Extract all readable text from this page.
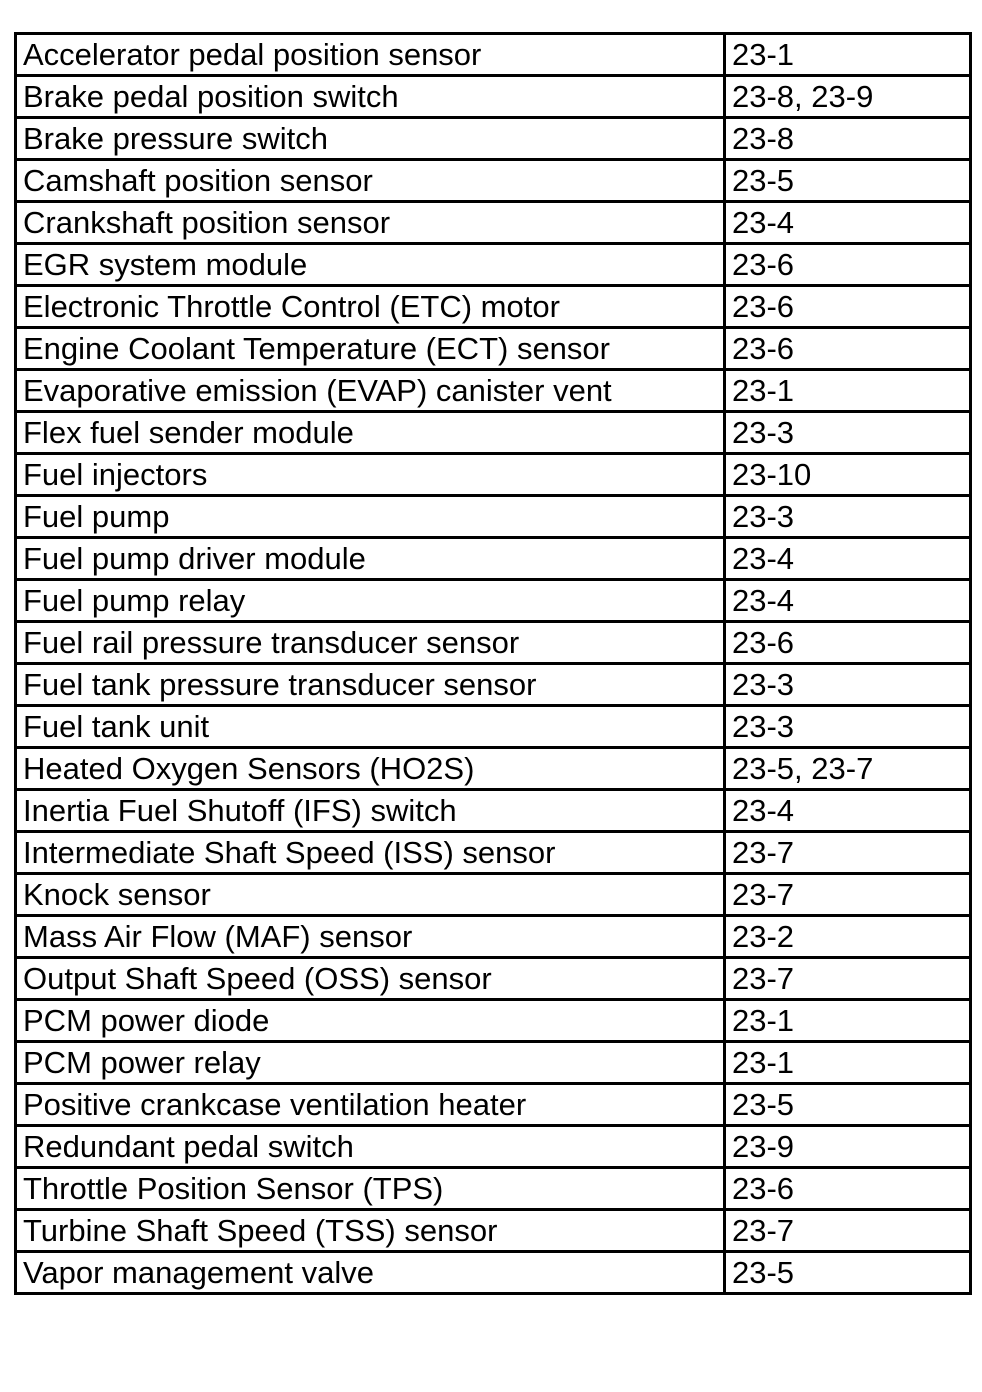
Accelerator pedal position sensor	23-1
Brake pedal position switch	23-8, 23-9
Brake pressure switch	23-8
Camshaft position sensor	23-5
Crankshaft position sensor	23-4
EGR system module	23-6
Electronic Throttle Control (ETC) motor	23-6
Engine Coolant Temperature (ECT) sensor	23-6
Evaporative emission (EVAP) canister vent	23-1
Flex fuel sender module	23-3
Fuel injectors	23-10
Fuel pump	23-3
Fuel pump driver module	23-4
Fuel pump relay	23-4
Fuel rail pressure transducer sensor	23-6
Fuel tank pressure transducer sensor	23-3
Fuel tank unit	23-3
Heated Oxygen Sensors (HO2S)	23-5, 23-7
Inertia Fuel Shutoff (IFS) switch	23-4
Intermediate Shaft Speed (ISS) sensor	23-7
Knock sensor	23-7
Mass Air Flow (MAF) sensor	23-2
Output Shaft Speed (OSS) sensor	23-7
PCM power diode	23-1
PCM power relay	23-1
Positive crankcase ventilation heater	23-5
Redundant pedal switch	23-9
Throttle Position Sensor (TPS)	23-6
Turbine Shaft Speed (TSS) sensor	23-7
Vapor management valve	23-5
